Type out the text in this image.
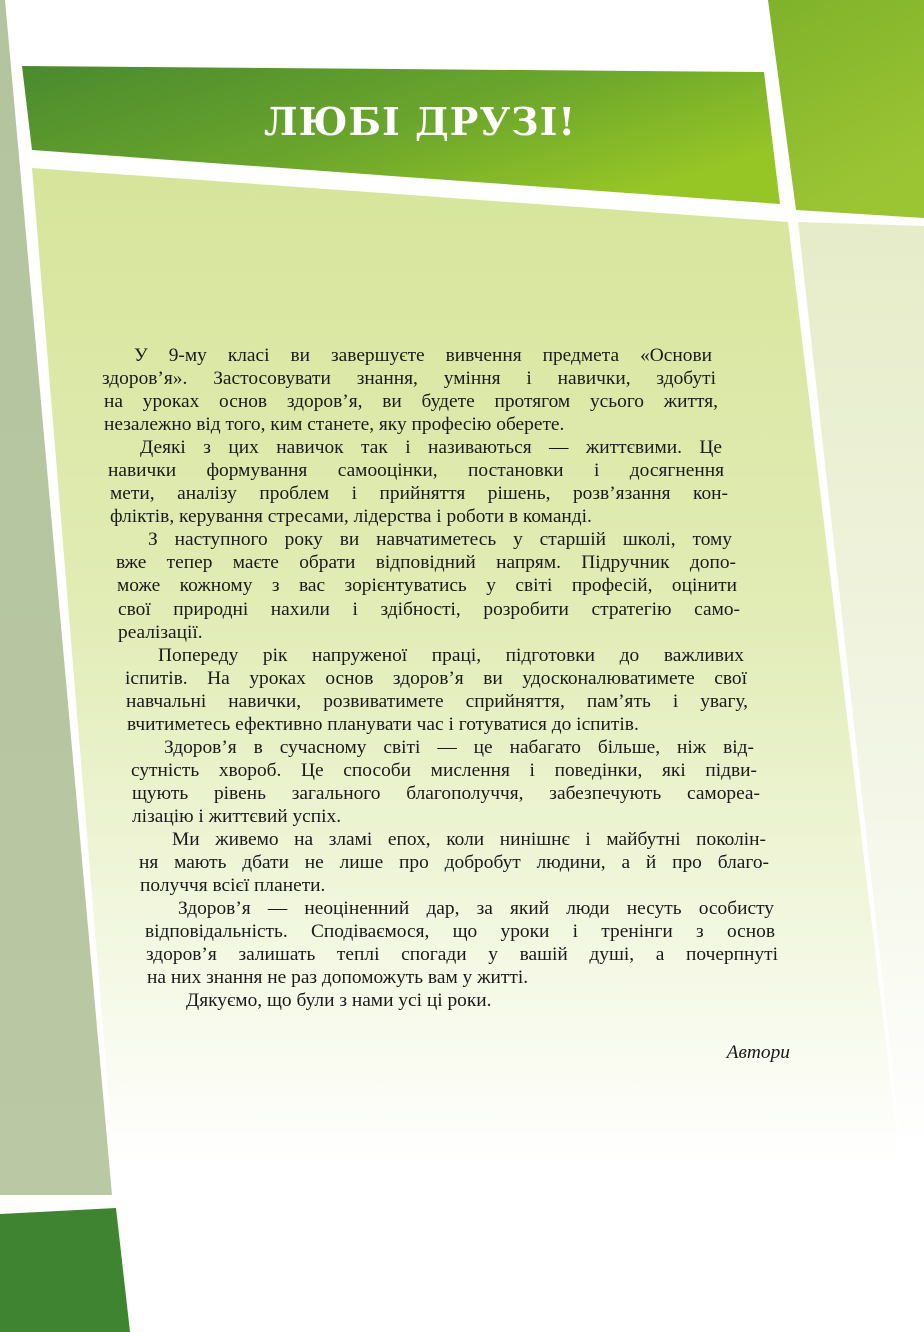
ЛЮБІ ДРУЗІ!
У 9-му класі ви завершуєте вивчення предмета «Основи
здоров’я». Застосовувати знання, уміння і навички, здобуті
на уроках основ здоров’я, ви будете протягом усього життя,
незалежно від того, ким станете, яку професію оберете.
Деякі з цих навичок так і називаються — життєвими. Це
навички формування самооцінки, постановки і досягнення
мети, аналізу проблем і прийняття рішень, розв’язання кон-
фліктів, керування стресами, лідерства і роботи в команді.
З наступного року ви навчатиметесь у старшій школі, тому
вже тепер маєте обрати відповідний напрям. Підручник допо-
може кожному з вас зорієнтуватись у світі професій, оцінити
свої природні нахили і здібності, розробити стратегію само-
реалізації.
Попереду рік напруженої праці, підготовки до важливих
іспитів. На уроках основ здоров’я ви удосконалюватимете свої
навчальні навички, розвиватимете сприйняття, пам’ять і увагу,
вчитиметесь ефективно планувати час і готуватися до іспитів.
Здоров’я в сучасному світі — це набагато більше, ніж від-
сутність хвороб. Це способи мислення і поведінки, які підви-
щують рівень загального благополуччя, забезпечують самореа-
лізацію і життєвий успіх.
Ми живемо на зламі епох, коли нинішнє і майбутні поколін-
ня мають дбати не лише про добробут людини, а й про благо-
получчя всієї планети.
Здоров’я — неоціненний дар, за який люди несуть особисту
відповідальність. Сподіваємося, що уроки і тренінги з основ
здоров’я залишать теплі спогади у вашій душі, а почерпнуті
на них знання не раз допоможуть вам у житті.
Дякуємо, що були з нами усі ці роки.

Автори
